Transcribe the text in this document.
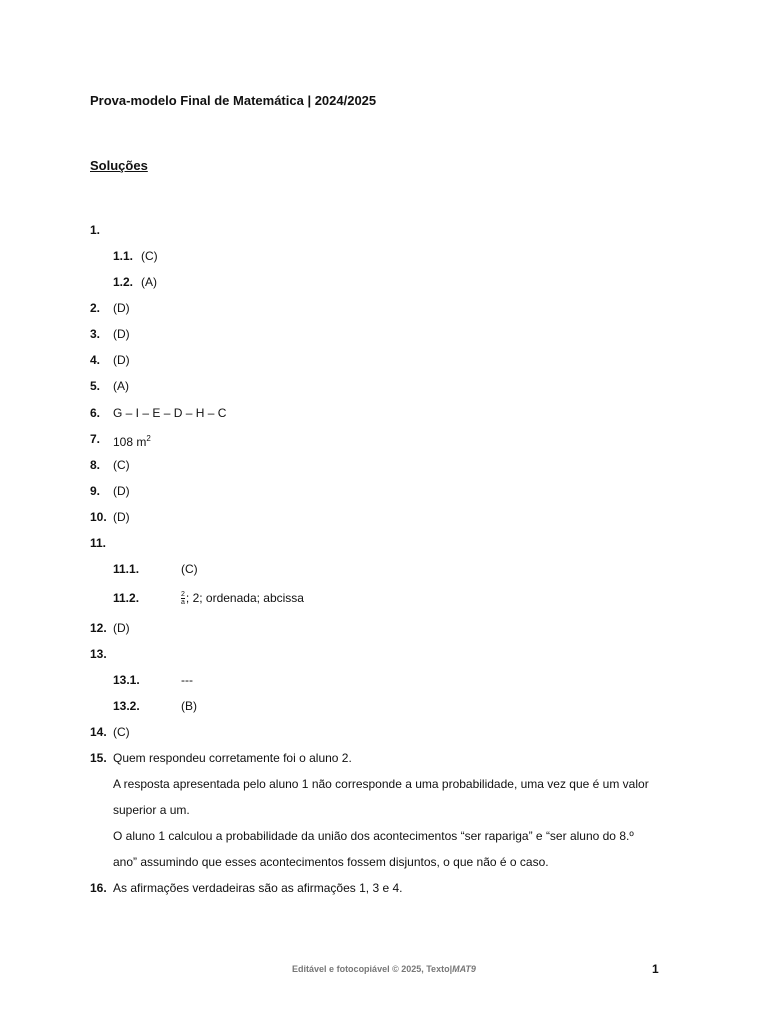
Prova-modelo Final de Matemática | 2024/2025
Soluções
1.
1.1. (C)
1.2. (A)
2. (D)
3. (D)
4. (D)
5. (A)
6. G – I – E – D – H – C
7. 108 $m^2$
8. (C)
9. (D)
10. (D)
11.
11.1.	(C)
11.2.	$\frac{2}{a}$ ; 2; ordenada; abcissa
12. (D)
13.
13.1.	---
13.2.	(B)
14. (C)
15. Quem respondeu corretamente foi o aluno 2.
A resposta apresentada pelo aluno 1 não corresponde a uma probabilidade, uma vez que é um valor
superior a um.
O aluno 1 calculou a probabilidade da união dos acontecimentos “ser rapariga” e “ser aluno do 8.º
ano” assumindo que esses acontecimentos fossem disjuntos, o que não é o caso.
16. As afirmações verdadeiras são as afirmações 1, 3 e 4.
Editável e fotocopiável © 2025, Texto|MAT9	1
